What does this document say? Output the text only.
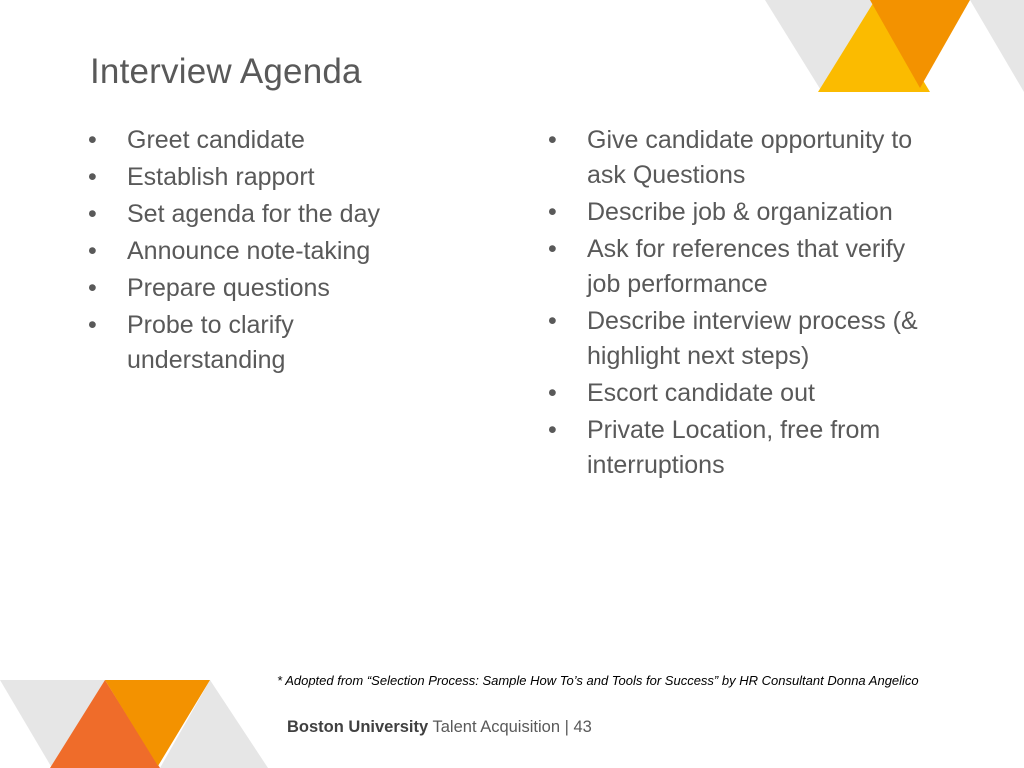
Interview Agenda
• Greet candidate
• Establish rapport
• Set agenda for the day
• Announce note-taking
• Prepare questions
• Probe to clarify understanding
• Give candidate opportunity to ask Questions
• Describe job & organization
• Ask for references that verify job performance
• Describe interview process (& highlight next steps)
• Escort candidate out
• Private Location, free from interruptions
* Adopted from “Selection Process: Sample How To’s and Tools for Success” by HR Consultant Donna Angelico
Boston University Talent Acquisition | 43
